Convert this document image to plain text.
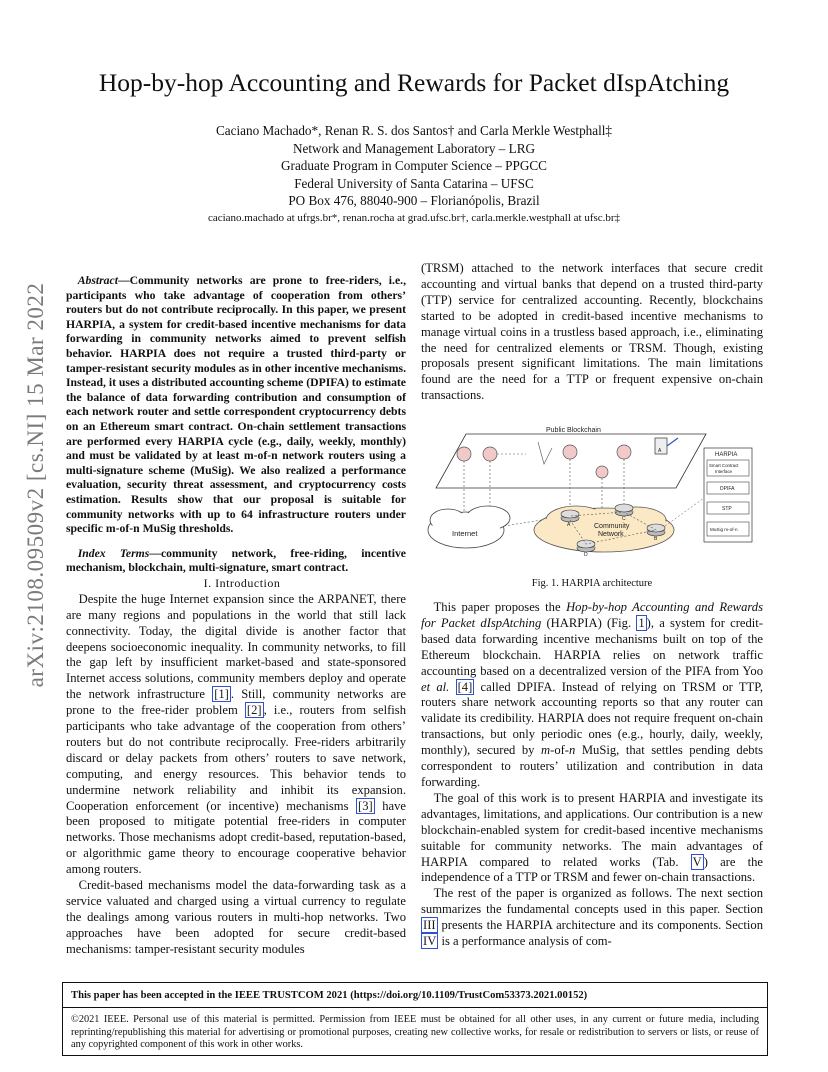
arXiv:2108.09509v2 [cs.NI] 15 Mar 2022
Hop-by-hop Accounting and Rewards for Packet dIspAtching
Caciano Machado*, Renan R. S. dos Santos† and Carla Merkle Westphall‡
Network and Management Laboratory – LRG
Graduate Program in Computer Science – PPGCC
Federal University of Santa Catarina – UFSC
PO Box 476, 88040-900 – Florianópolis, Brazil
caciano.machado at ufrgs.br*, renan.rocha at grad.ufsc.br†, carla.merkle.westphall at ufsc.br‡

Abstract—Community networks are prone to free-riders, i.e., participants who take advantage of cooperation from others’ routers but do not contribute reciprocally. In this paper, we present HARPIA, a system for credit-based incentive mechanisms for data forwarding in community networks aimed to prevent selfish behavior. HARPIA does not require a trusted third-party or tamper-resistant security modules as in other incentive mechanisms. Instead, it uses a distributed accounting scheme (DPIFA) to estimate the balance of data forwarding contribution and consumption of each network router and settle correspondent cryptocurrency debts on an Ethereum smart contract. On-chain settlement transactions are performed every HARPIA cycle (e.g., daily, weekly, monthly) and must be validated by at least m-of-n network routers using a multi-signature scheme (MuSig). We also realized a performance evaluation, security threat assessment, and cryptocurrency costs estimation. Results show that our proposal is suitable for community networks with up to 64 infrastructure routers under specific m-of-n MuSig thresholds.

Index Terms—community network, free-riding, incentive mechanism, blockchain, multi-signature, smart contract.

I. Introduction

Despite the huge Internet expansion since the ARPANET, there are many regions and populations in the world that still lack connectivity. Today, the digital divide is another factor that deepens socioeconomic inequality. In community networks, to fill the gap left by insufficient market-based and state-sponsored Internet access solutions, community members deploy and operate the network infrastructure [1] . Still, community networks are prone to the free-rider problem [2] , i.e., routers from selfish participants who take advantage of the cooperation from others’ routers but do not contribute reciprocally. Free-riders arbitrarily discard or delay packets from others’ routers to save network, computing, and energy resources. This behavior tends to undermine network reliability and inhibit its expansion. Cooperation enforcement (or incentive) mechanisms [3] have been proposed to mitigate potential free-riders in computer networks. Those mechanisms adopt credit-based, reputation-based, or algorithmic game theory to encourage cooperative behavior among routers.

Credit-based mechanisms model the data-forwarding task as a service valuated and charged using a virtual currency to regulate the dealings among various routers in multi-hop networks. Two approaches have been adopted for secure credit-based mechanisms: tamper-resistant security modules

(TRSM) attached to the network interfaces that secure credit accounting and virtual banks that depend on a trusted third-party (TTP) service for centralized accounting. Recently, blockchains started to be adopted in credit-based incentive mechanisms to manage virtual coins in a trustless based approach, i.e., eliminating the need for centralized elements or TRSM. Though, existing proposals present significant limitations. The main limitations found are the need for a TTP or frequent expensive on-chain transactions.

Public Blockchain
A
Internet
Community
Network
A
C
B
D
HARPIA
Smart Contract
Interface
DPIFA
STP
MuSig m-of-n
Fig. 1. HARPIA architecture

This paper proposes the Hop-by-hop Accounting and Rewards for Packet dIspAtching (HARPIA) (Fig. 1 ), a system for credit-based data forwarding incentive mechanisms built on top of the Ethereum blockchain. HARPIA relies on network traffic accounting based on a decentralized version of the PIFA from Yoo et al. [4] called DPIFA. Instead of relying on TRSM or TTP, routers share network accounting reports so that any router can validate its credibility. HARPIA does not require frequent on-chain transactions, but only periodic ones (e.g., hourly, daily, weekly, monthly), secured by m-of-n MuSig, that settles pending debts correspondent to routers’ utilization and contribution in data forwarding.

The goal of this work is to present HARPIA and investigate its advantages, limitations, and applications. Our contribution is a new blockchain-enabled system for credit-based incentive mechanisms suitable for community networks. The main advantages of HARPIA compared to related works (Tab. V ) are the independence of a TTP or TRSM and fewer on-chain transactions.

The rest of the paper is organized as follows. The next section summarizes the fundamental concepts used in this paper. Section III presents the HARPIA architecture and its components. Section IV is a performance analysis of com-

This paper has been accepted in the IEEE TRUSTCOM 2021 (https://doi.org/10.1109/TrustCom53373.2021.00152)
©2021 IEEE. Personal use of this material is permitted. Permission from IEEE must be obtained for all other uses, in any current or future media, including reprinting/republishing this material for advertising or promotional purposes, creating new collective works, for resale or redistribution to servers or lists, or reuse of any copyrighted component of this work in other works.
